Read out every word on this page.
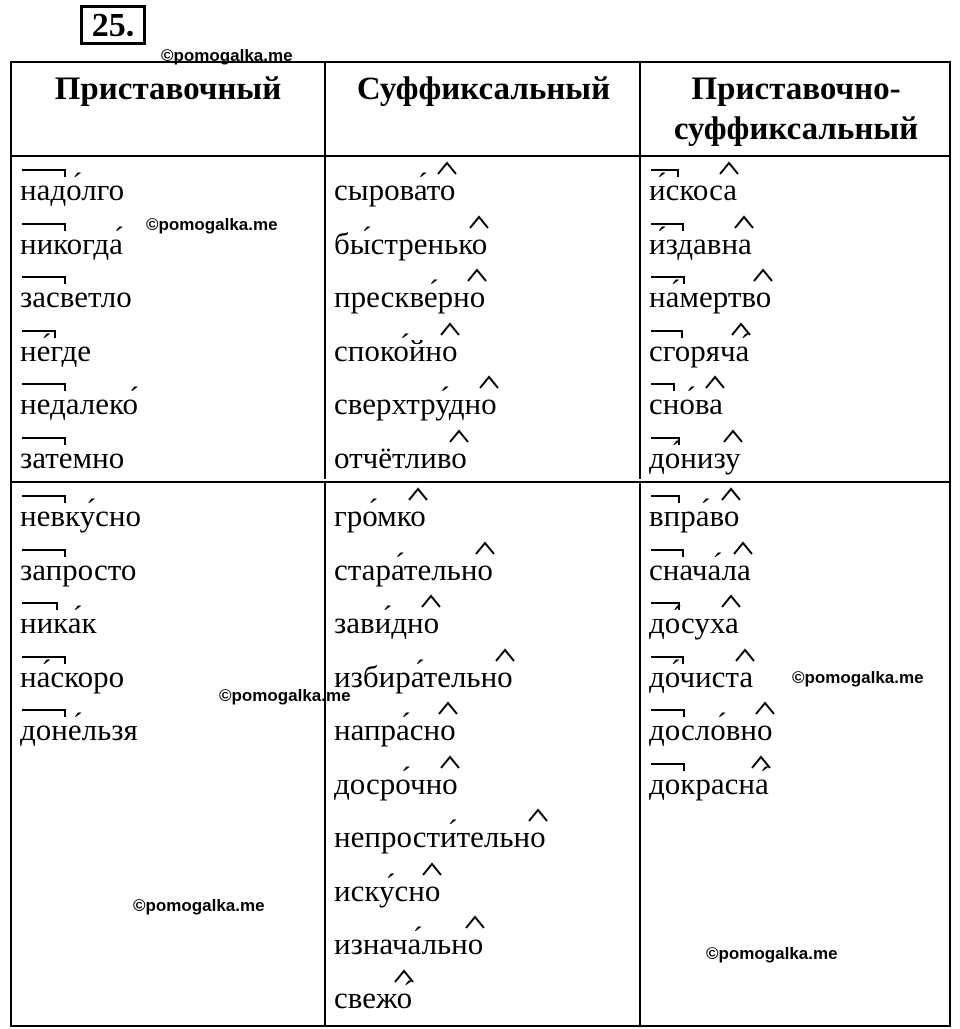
25.
©pomogalka.me
©pomogalka.me
©pomogalka.me
©pomogalka.me
©pomogalka.me
©pomogalka.me
Приставочный	Суффиксальный	Приставочно-
суффиксальный
надо́лго
никогда́
засветло
не́где
недалеко́
затемно
сырова́то
бы́стренько
прескве́рно
споко́йно
сверхтру́дно
отчётливо
и́скоса
и́здавна
на́мертво
сгоряча́
сно́ва
до́низу
невку́сно
запросто
ника́к
на́скоро
доне́льзя
гро́мко
стара́тельно
зави́дно
избира́тельно
напра́сно
досро́чно
непрости́тельно
иску́сно
изнача́льно
свежо́
впра́во
снача́ла
до́суха
до́чиста
досло́вно
докрасна́
